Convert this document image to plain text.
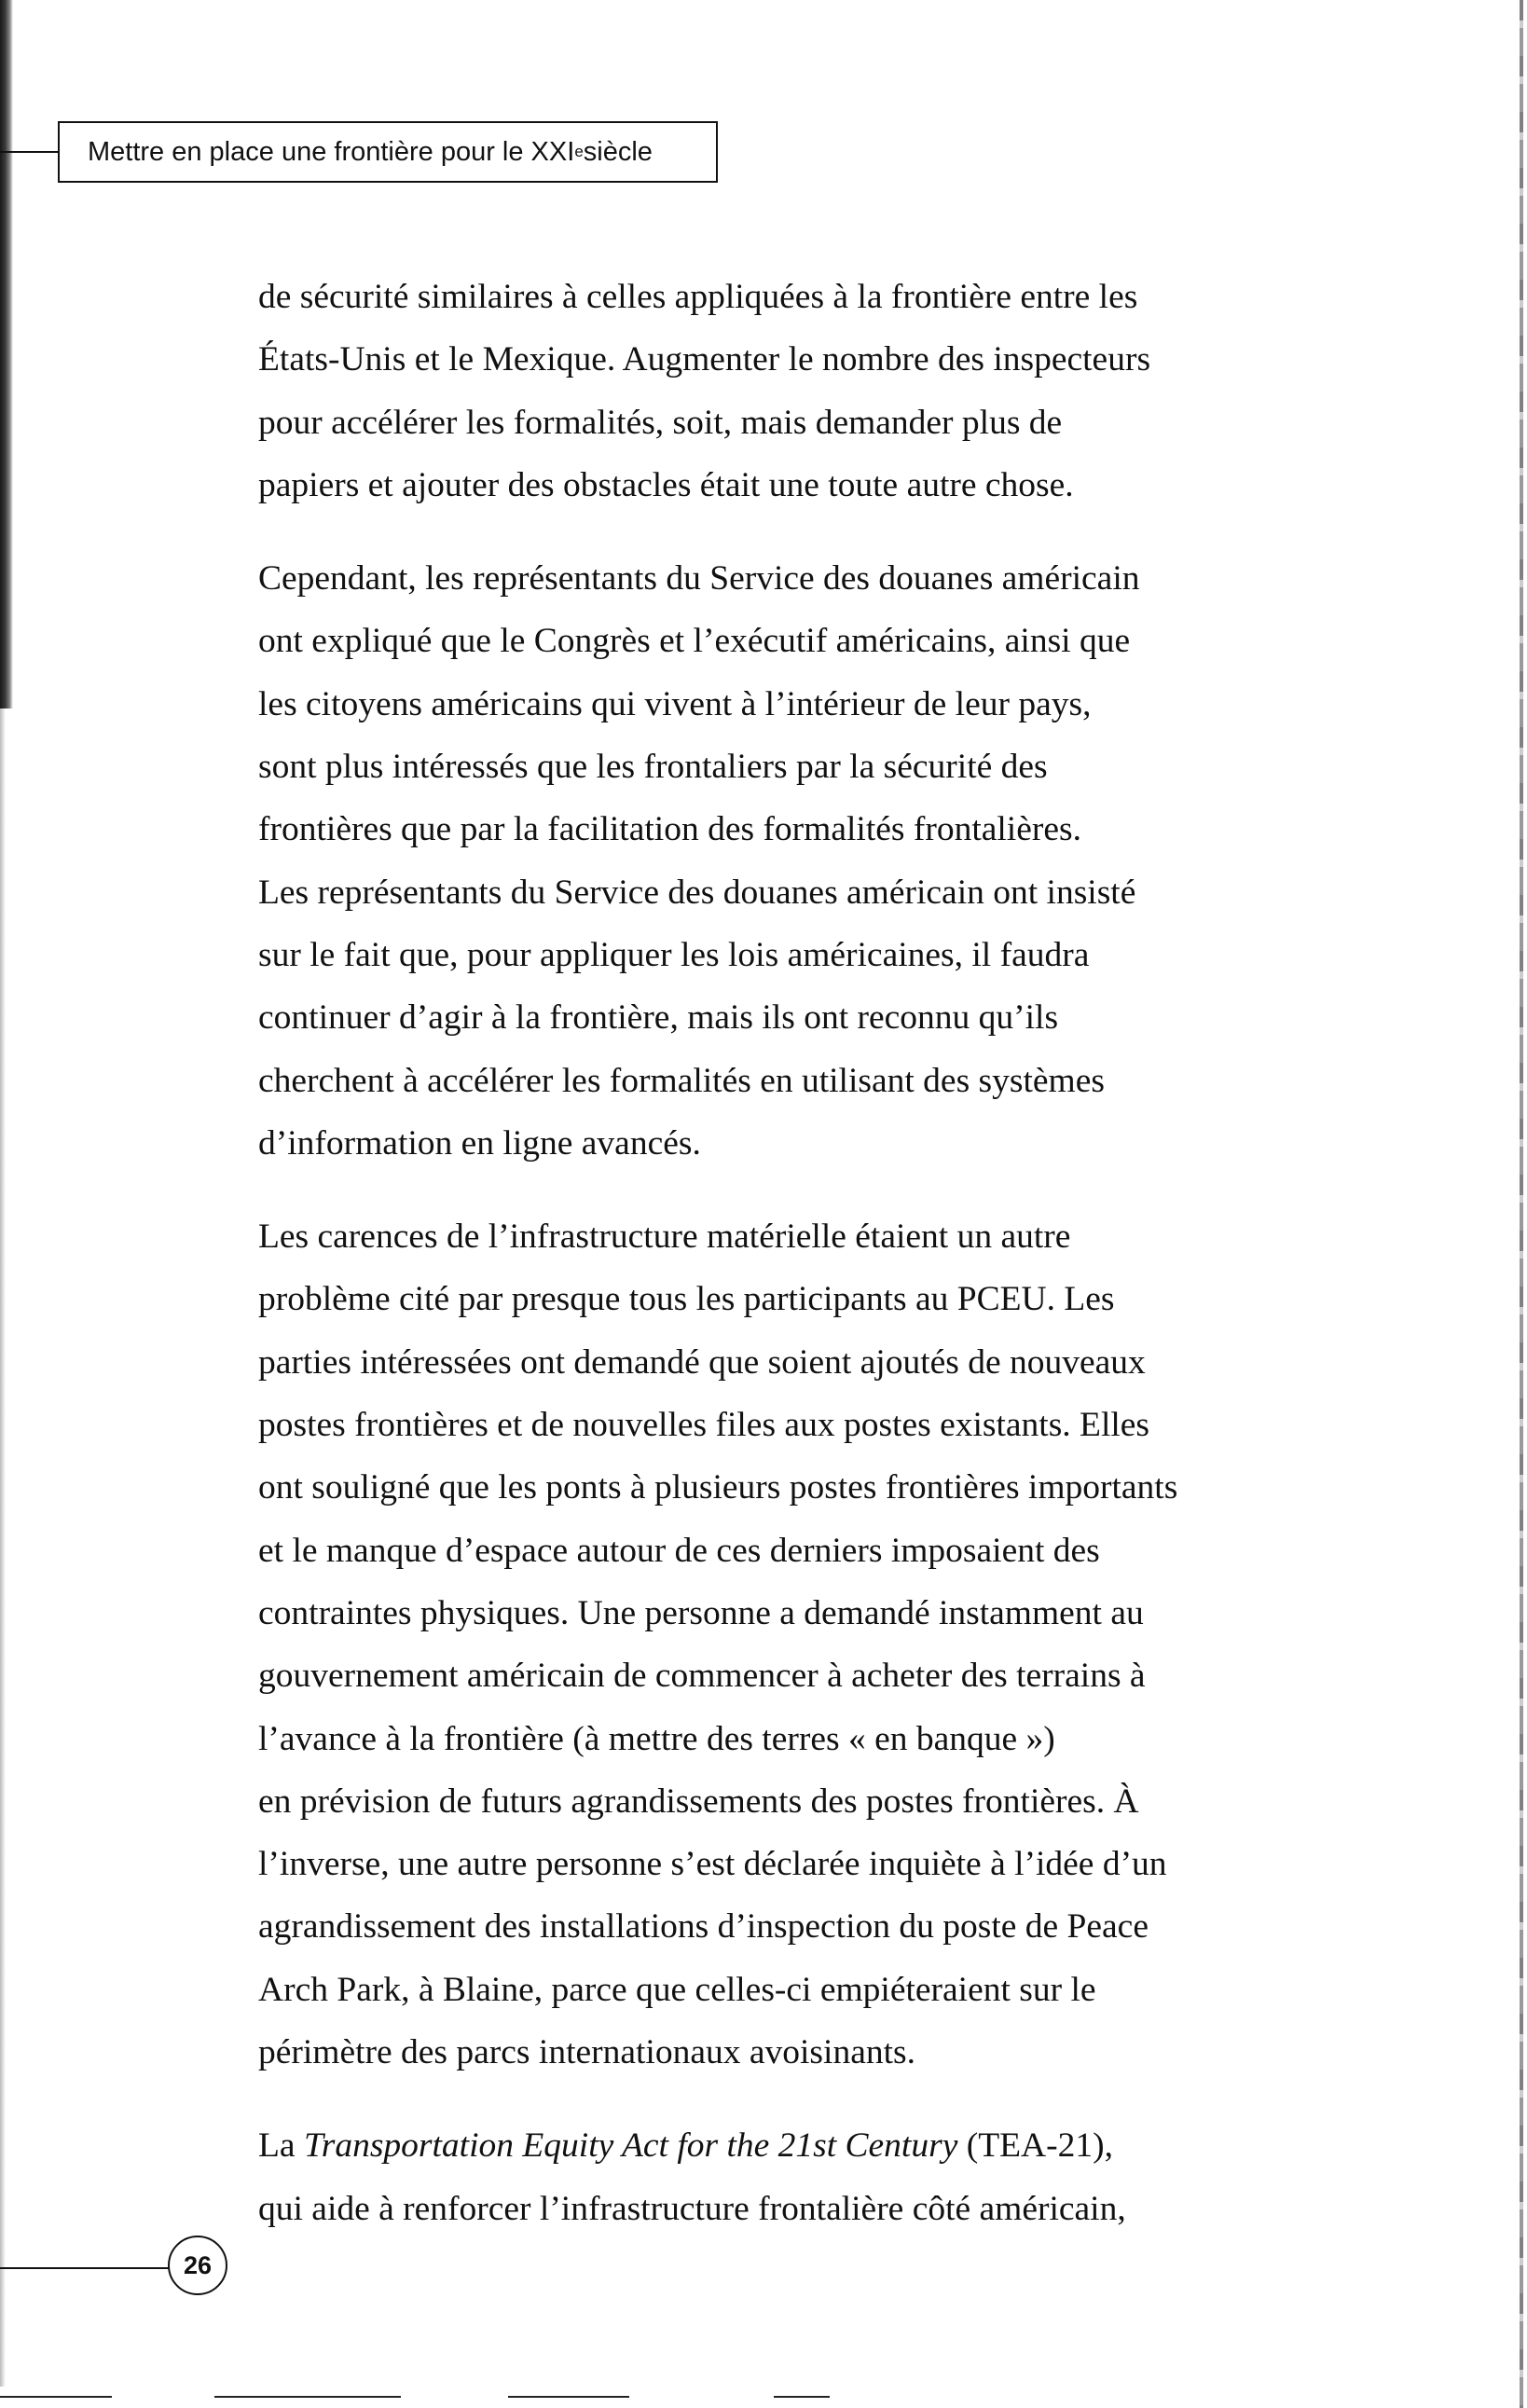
Mettre en place une frontière pour le XXI e siècle
de sécurité similaires à celles appliquées à la frontière entre les
États-Unis et le Mexique. Augmenter le nombre des inspecteurs
pour accélérer les formalités, soit, mais demander plus de
papiers et ajouter des obstacles était une toute autre chose.
Cependant, les représentants du Service des douanes américain
ont expliqué que le Congrès et l’exécutif américains, ainsi que
les citoyens américains qui vivent à l’intérieur de leur pays,
sont plus intéressés que les frontaliers par la sécurité des
frontières que par la facilitation des formalités frontalières.
Les représentants du Service des douanes américain ont insisté
sur le fait que, pour appliquer les lois américaines, il faudra
continuer d’agir à la frontière, mais ils ont reconnu qu’ils
cherchent à accélérer les formalités en utilisant des systèmes
d’information en ligne avancés.
Les carences de l’infrastructure matérielle étaient un autre
problème cité par presque tous les participants au PCEU. Les
parties intéressées ont demandé que soient ajoutés de nouveaux
postes frontières et de nouvelles files aux postes existants. Elles
ont souligné que les ponts à plusieurs postes frontières importants
et le manque d’espace autour de ces derniers imposaient des
contraintes physiques. Une personne a demandé instamment au
gouvernement américain de commencer à acheter des terrains à
l’avance à la frontière (à mettre des terres « en banque »)
en prévision de futurs agrandissements des postes frontières. À
l’inverse, une autre personne s’est déclarée inquiète à l’idée d’un
agrandissement des installations d’inspection du poste de Peace
Arch Park, à Blaine, parce que celles-ci empiéteraient sur le
périmètre des parcs internationaux avoisinants.
La Transportation Equity Act for the 21st Century (TEA-21),
qui aide à renforcer l’infrastructure frontalière côté américain,
26
